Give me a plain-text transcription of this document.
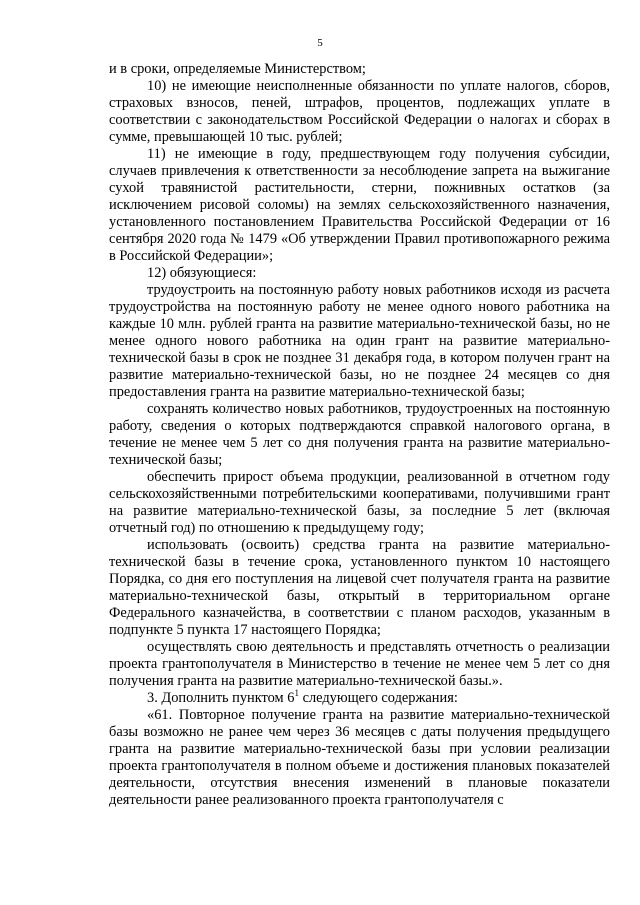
5

и в сроки, определяемые Министерством;

10) не имеющие неисполненные обязанности по уплате налогов, сборов, страховых взносов, пеней, штрафов, процентов, подлежащих уплате в соответствии с законодательством Российской Федерации о налогах и сборах в сумме, превышающей 10 тыс. рублей;

11) не имеющие в году, предшествующем году получения субсидии, случаев привлечения к ответственности за несоблюдение запрета на выжигание сухой травянистой растительности, стерни, пожнивных остатков (за исключением рисовой соломы) на землях сельскохозяйственного назначения, установленного постановлением Правительства Российской Федерации от 16 сентября 2020 года № 1479 «Об утверждении Правил противопожарного режима в Российской Федерации»;

12) обязующиеся:

трудоустроить на постоянную работу новых работников исходя из расчета трудоустройства на постоянную работу не менее одного нового работника на каждые 10 млн. рублей гранта на развитие материально-технической базы, но не менее одного нового работника на один грант на развитие материально-технической базы в срок не позднее 31 декабря года, в котором получен грант на развитие материально-технической базы, но не позднее 24 месяцев со дня предоставления гранта на развитие материально-технической базы;

сохранять количество новых работников, трудоустроенных на постоянную работу, сведения о которых подтверждаются справкой налогового органа, в течение не менее чем 5 лет со дня получения гранта на развитие материально-технической базы;

обеспечить прирост объема продукции, реализованной в отчетном году сельскохозяйственными потребительскими кооперативами, получившими грант на развитие материально-технической базы, за последние 5 лет (включая отчетный год) по отношению к предыдущему году;

использовать (освоить) средства гранта на развитие материально-технической базы в течение срока, установленного пунктом 10 настоящего Порядка, со дня его поступления на лицевой счет получателя гранта на развитие материально-технической базы, открытый в территориальном органе Федерального казначейства, в соответствии с планом расходов, указанным в подпункте 5 пункта 17 настоящего Порядка;

осуществлять свою деятельность и представлять отчетность о реализации проекта грантополучателя в Министерство в течение не менее чем 5 лет со дня получения гранта на развитие материально-технической базы.».

3. Дополнить пунктом $6^1$ следующего содержания:

«61. Повторное получение гранта на развитие материально-технической базы возможно не ранее чем через 36 месяцев с даты получения предыдущего гранта на развитие материально-технической базы при условии реализации проекта грантополучателя в полном объеме и достижения плановых показателей деятельности, отсутствия внесения изменений в плановые показатели деятельности ранее реализованного проекта грантополучателя с
